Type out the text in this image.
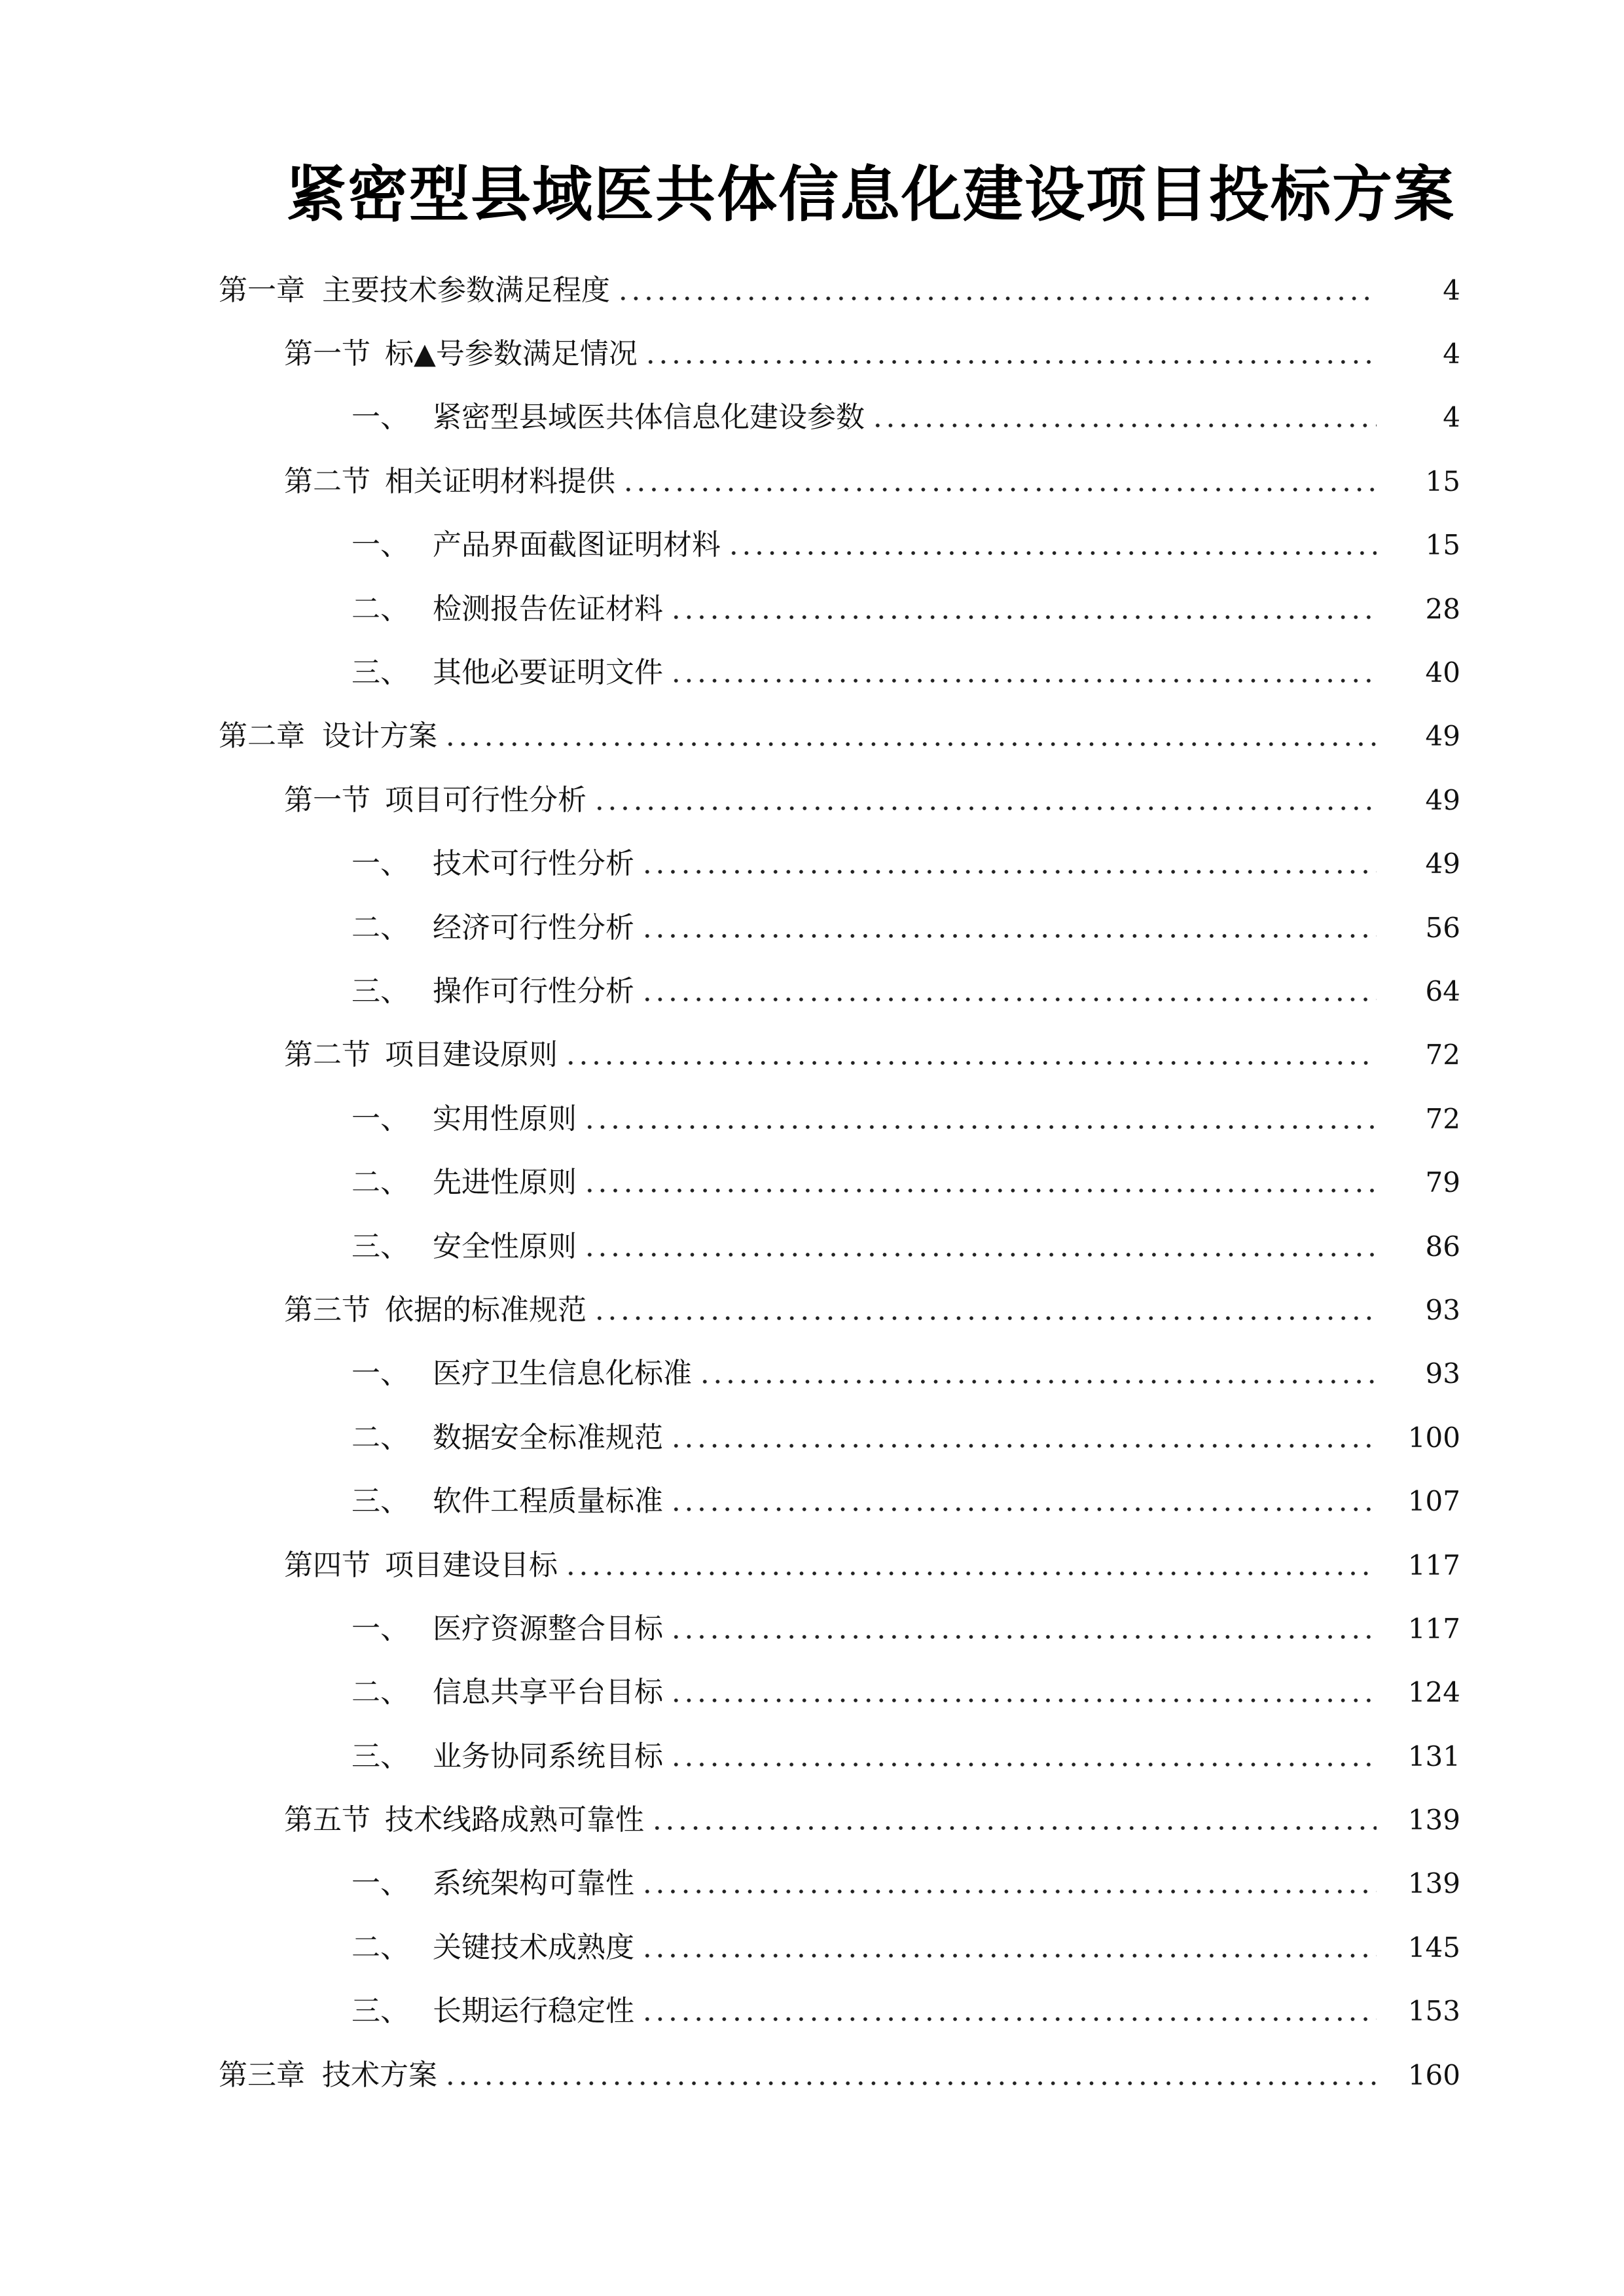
紧密型县域医共体信息化建设项目投标方案
第一章 主要技术参数满足程度	4
第一节 标▲号参数满足情况	4
一、 紧密型县域医共体信息化建设参数	4
第二节 相关证明材料提供	15
一、 产品界面截图证明材料	15
二、 检测报告佐证材料	28
三、 其他必要证明文件	40
第二章 设计方案	49
第一节 项目可行性分析	49
一、 技术可行性分析	49
二、 经济可行性分析	56
三、 操作可行性分析	64
第二节 项目建设原则	72
一、 实用性原则	72
二、 先进性原则	79
三、 安全性原则	86
第三节 依据的标准规范	93
一、 医疗卫生信息化标准	93
二、 数据安全标准规范	100
三、 软件工程质量标准	107
第四节 项目建设目标	117
一、 医疗资源整合目标	117
二、 信息共享平台目标	124
三、 业务协同系统目标	131
第五节 技术线路成熟可靠性	139
一、 系统架构可靠性	139
二、 关键技术成熟度	145
三、 长期运行稳定性	153
第三章 技术方案	160
